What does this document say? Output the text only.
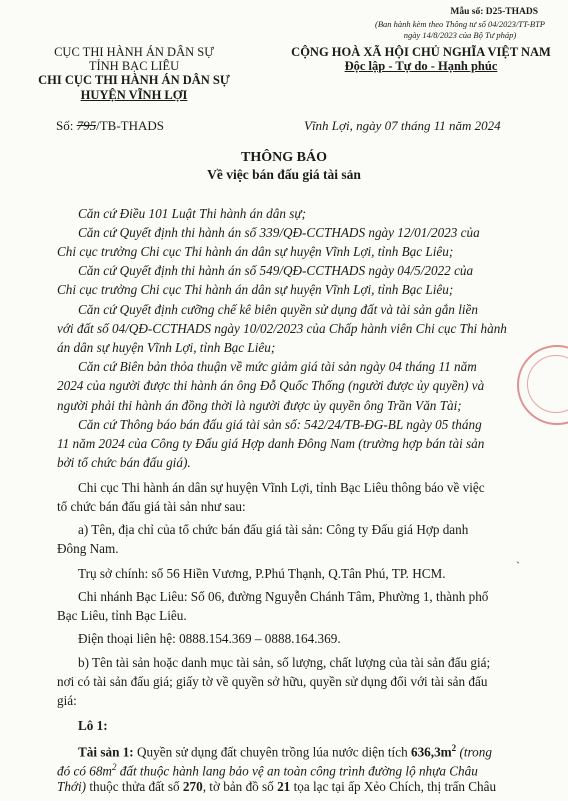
Mẫu số: D25-THADS
(Ban hành kèm theo Thông tư số 04/2023/TT-BTP
ngày 14/8/2023 của Bộ Tư pháp)
CỤC THI HÀNH ÁN DÂN SỰ
TỈNH BẠC LIÊU
CHI CỤC THI HÀNH ÁN DÂN SỰ
HUYỆN VĨNH LỢI
Số: 795/TB-THADS
CỘNG HOÀ XÃ HỘI CHỦ NGHĨA VIỆT NAM
Độc lập - Tự do - Hạnh phúc
Vĩnh Lợi, ngày 07 tháng 11 năm 2024
THÔNG BÁO
Về việc bán đấu giá tài sản
Căn cứ Điều 101 Luật Thi hành án dân sự;
Căn cứ Quyết định thi hành án số 339/QĐ-CCTHADS ngày 12/01/2023 của
Chi cục trưởng Chi cục Thi hành án dân sự huyện Vĩnh Lợi, tỉnh Bạc Liêu;
Căn cứ Quyết định thi hành án số 549/QĐ-CCTHADS ngày 04/5/2022 của
Chi cục trưởng Chi cục Thi hành án dân sự huyện Vĩnh Lợi, tỉnh Bạc Liêu;
Căn cứ Quyết định cưỡng chế kê biên quyền sử dụng đất và tài sản gắn liền
với đất số 04/QĐ-CCTHADS ngày 10/02/2023 của Chấp hành viên Chi cục Thi hành
án dân sự huyện Vĩnh Lợi, tỉnh Bạc Liêu;
Căn cứ Biên bản thỏa thuận về mức giảm giá tài sản ngày 04 tháng 11 năm
2024 của người được thi hành án ông Đỗ Quốc Thống (người được ủy quyền) và
người phải thi hành án đồng thời là người được ủy quyền ông Trần Văn Tài;
Căn cứ Thông báo bán đấu giá tài sản số: 542/24/TB-ĐG-BL ngày 05 tháng
11 năm 2024 của Công ty Đấu giá Hợp danh Đông Nam (trường hợp bán tài sản
bởi tổ chức bán đấu giá).
Chi cục Thi hành án dân sự huyện Vĩnh Lợi, tỉnh Bạc Liêu thông báo về việc
tổ chức bán đấu giá tài sản như sau:
a) Tên, địa chỉ của tổ chức bán đấu giá tài sản: Công ty Đấu giá Hợp danh
Đông Nam.
ˏ
Trụ sở chính: số 56 Hiền Vương, P.Phú Thạnh, Q.Tân Phú, TP. HCM.
Chi nhánh Bạc Liêu: Số 06, đường Nguyễn Chánh Tâm, Phường 1, thành phố
Bạc Liêu, tỉnh Bạc Liêu.
Điện thoại liên hệ: 0888.154.369 – 0888.164.369.
b) Tên tài sản hoặc danh mục tài sản, số lượng, chất lượng của tài sản đấu giá;
nơi có tài sản đấu giá; giấy tờ về quyền sở hữu, quyền sử dụng đối với tài sản đấu
giá:
Lô 1:
Tài sản 1: Quyền sử dụng đất chuyên trồng lúa nước diện tích $636,3m^2$ (trong
đó có $68m^2$ đất thuộc hành lang bảo vệ an toàn công trình đường lộ nhựa Châu
Thới) thuộc thửa đất số 270, tờ bản đồ số 21 tọa lạc tại ấp Xẻo Chích, thị trấn Châu
